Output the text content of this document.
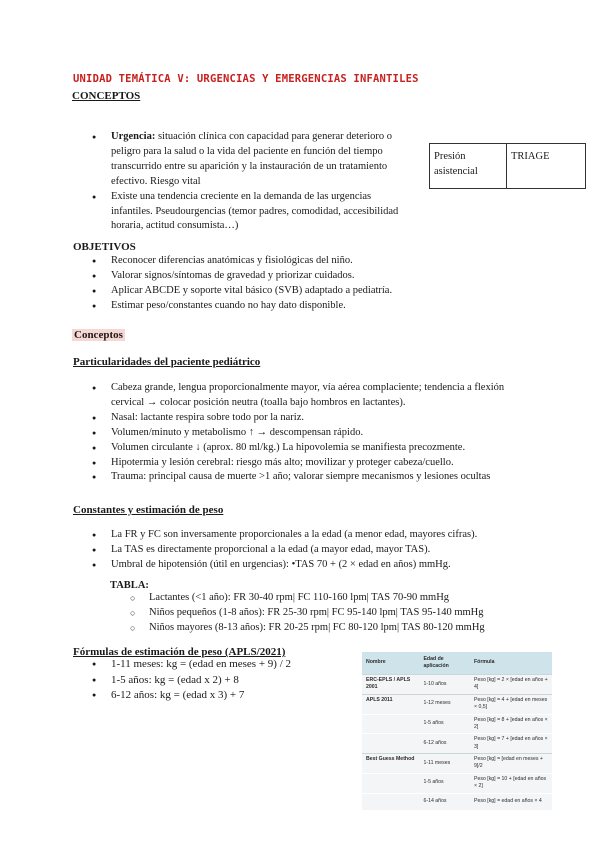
UNIDAD TEMÁTICA V: URGENCIAS Y EMERGENCIAS INFANTILES
CONCEPTOS
● Urgencia: situación clínica con capacidad para generar deterioro o peligro para la salud o la vida del paciente en función del tiempo transcurrido entre su aparición y la instauración de un tratamiento efectivo. Riesgo vital
● Existe una tendencia creciente en la demanda de las urgencias infantiles. Pseudourgencias (temor padres, comodidad, accesibilidad horaria, actitud consumista…)
Presión asistencial	TRIAGE
OBJETIVOS
● Reconocer diferencias anatómicas y fisiológicas del niño.
● Valorar signos/síntomas de gravedad y priorizar cuidados.
● Aplicar ABCDE y soporte vital básico (SVB) adaptado a pediatría.
● Estimar peso/constantes cuando no hay dato disponible.
Conceptos
Particularidades del paciente pediátrico
● Cabeza grande, lengua proporcionalmente mayor, vía aérea complaciente; tendencia a flexión cervical → colocar posición neutra (toalla bajo hombros en lactantes).
● Nasal: lactante respira sobre todo por la nariz.
● Volumen/minuto y metabolismo ↑ → descompensan rápido.
● Volumen circulante ↓ (aprox. 80 ml/kg.) La hipovolemia se manifiesta precozmente.
● Hipotermia y lesión cerebral: riesgo más alto; movilizar y proteger cabeza/cuello.
● Trauma: principal causa de muerte >1 año; valorar siempre mecanismos y lesiones ocultas
Constantes y estimación de peso
● La FR y FC son inversamente proporcionales a la edad (a menor edad, mayores cifras).
● La TAS es directamente proporcional a la edad (a mayor edad, mayor TAS).
● Umbral de hipotensión (útil en urgencias): •TAS 70 + (2 × edad en años) mmHg.
TABLA:
○ Lactantes (<1 año): FR 30-40 rpm| FC 110-160 lpm| TAS 70-90 mmHg
○ Niños pequeños (1-8 años): FR 25-30 rpm| FC 95-140 lpm| TAS 95-140 mmHg
○ Niños mayores (8-13 años): FR 20-25 rpm| FC 80-120 lpm| TAS 80-120 mmHg
Fórmulas de estimación de peso (APLS/2021)
● 1-11 meses: kg = (edad en meses + 9) / 2
● 1-5 años: kg = (edad x 2) + 8
● 6-12 años: kg = (edad x 3) + 7
Nombre	Edad de aplicación	Fórmula
ERC-EPLS / APLS 2001	1-10 años	Peso [kg] = 2 × [edad en años + 4]
APLS 2011	1-12 meses	Peso [kg] = 4 + [edad en meses × 0,5]
	1-5 años	Peso [kg] = 8 + [edad en años × 2]
	6-12 años	Peso [kg] = 7 + [edad en años × 3]
Best Guess Method	1-11 meses	Peso [kg] = [edad en meses + 9]/2
	1-5 años	Peso [kg] = 10 + [edad en años × 2]
	6-14 años	Peso [kg] = edad en años × 4
